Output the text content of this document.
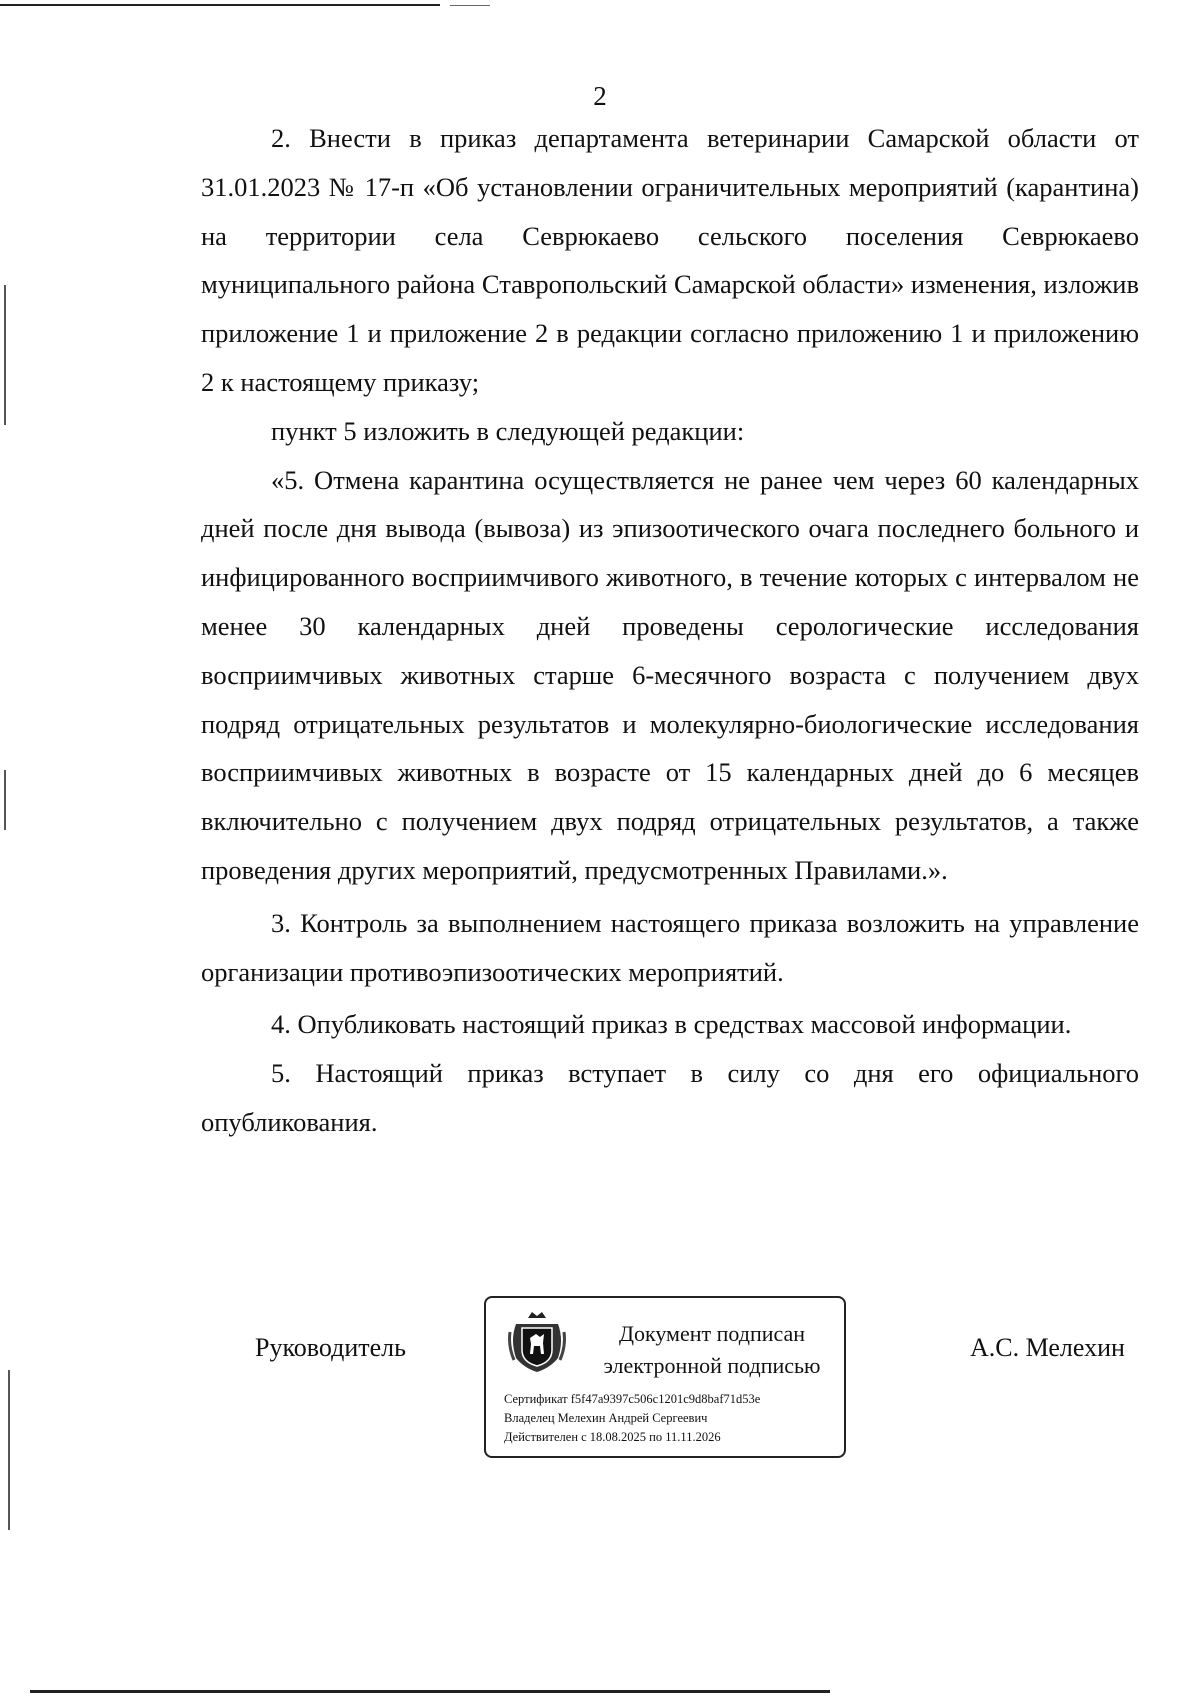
2

2. Внести в приказ департамента ветеринарии Самарской области от 31.01.2023 № 17-п «Об установлении ограничительных мероприятий (карантина) на территории села Севрюкаево сельского поселения Севрюкаево муниципального района Ставропольский Самарской области» изменения, изложив приложение 1 и приложение 2 в редакции согласно приложению 1 и приложению 2 к настоящему приказу;

пункт 5 изложить в следующей редакции:

«5. Отмена карантина осуществляется не ранее чем через 60 календарных дней после дня вывода (вывоза) из эпизоотического очага последнего больного и инфицированного восприимчивого животного, в течение которых с интервалом не менее 30 календарных дней проведены серологические исследования восприимчивых животных старше 6-месячного возраста с получением двух подряд отрицательных результатов и молекулярно-биологические исследования восприимчивых животных в возрасте от 15 календарных дней до 6 месяцев включительно с получением двух подряд отрицательных результатов, а также проведения других мероприятий, предусмотренных Правилами.».

3. Контроль за выполнением настоящего приказа возложить на управление организации противоэпизоотических мероприятий.

4. Опубликовать настоящий приказ в средствах массовой информации.

5. Настоящий приказ вступает в силу со дня его официального опубликования.

Руководитель	Документ подписан
электронной подписью
Сертификат f5f47a9397c506c1201c9d8baf71d53e
Владелец Мелехин Андрей Сергеевич
Действителен с 18.08.2025 по 11.11.2026
А.С. Мелехин
